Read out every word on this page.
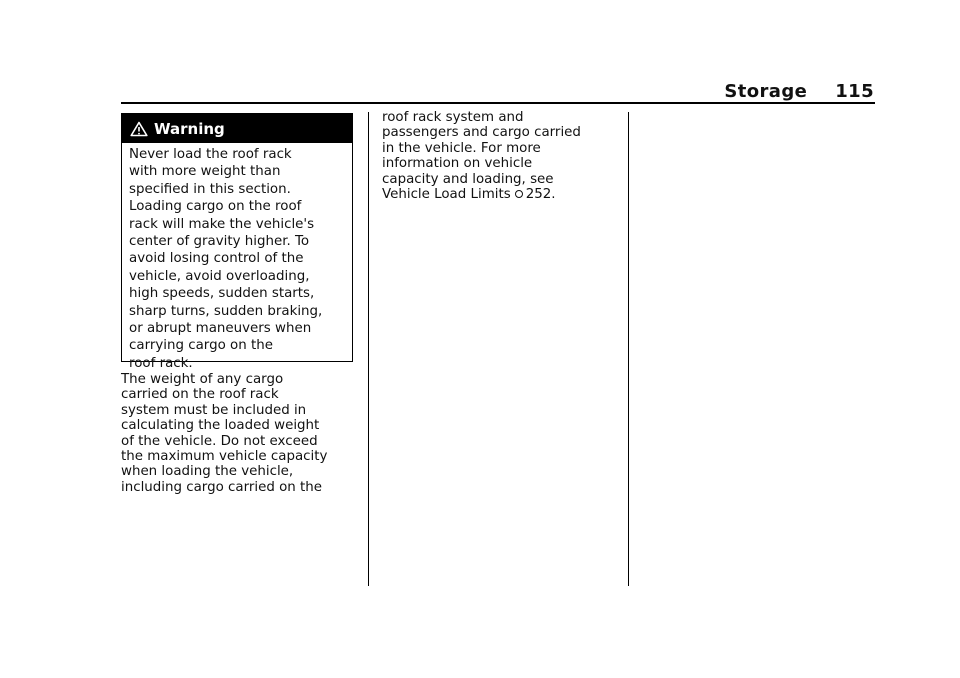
Storage 115
Warning
Never load the roof rack
with more weight than
specified in this section.
Loading cargo on the roof
rack will make the vehicle's
center of gravity higher. To
avoid losing control of the
vehicle, avoid overloading,
high speeds, sudden starts,
sharp turns, sudden braking,
or abrupt maneuvers when
carrying cargo on the
roof rack.
The weight of any cargo
carried on the roof rack
system must be included in
calculating the loaded weight
of the vehicle. Do not exceed
the maximum vehicle capacity
when loading the vehicle,
including cargo carried on the
roof rack system and
passengers and cargo carried
in the vehicle. For more
information on vehicle
capacity and loading, see
Vehicle Load Limits 252.
